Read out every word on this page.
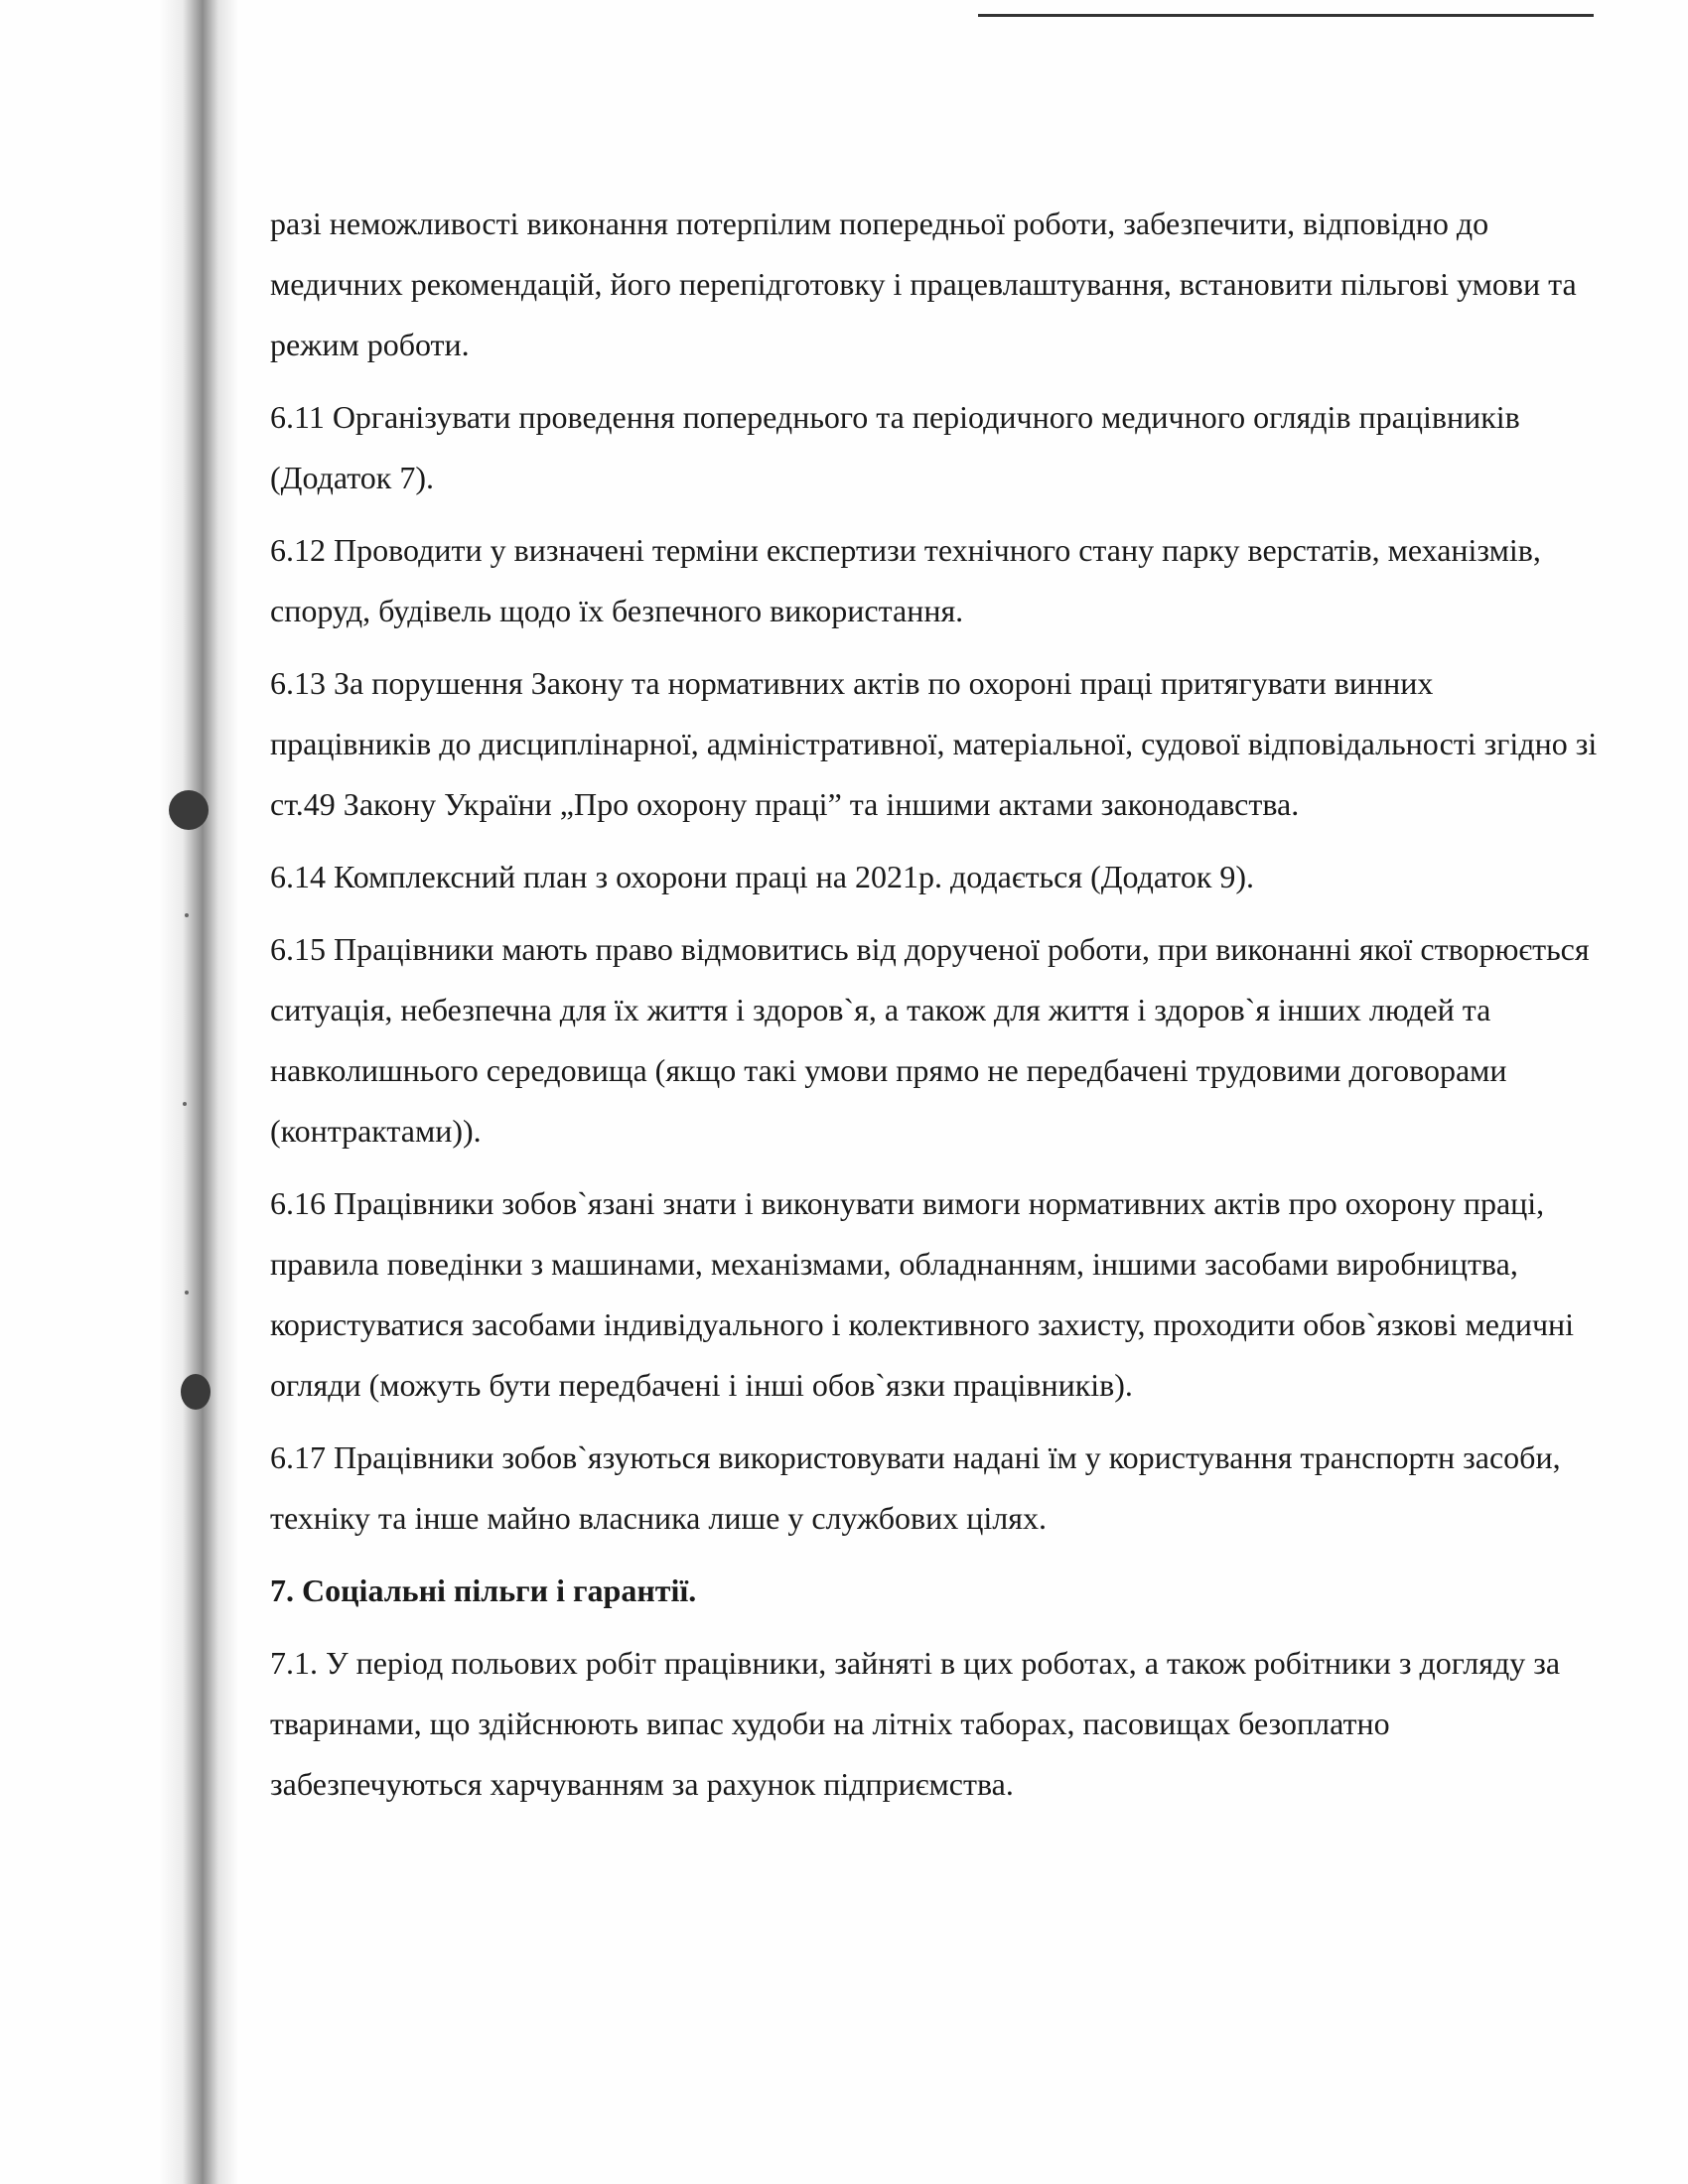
разі неможливості виконання потерпілим попередньої роботи, забезпечити, відповідно до медичних рекомендацій, його перепідготовку і працевлаштування, встановити пільгові умови та режим роботи.

6.11 Організувати проведення попереднього та періодичного медичного оглядів працівників (Додаток 7).

6.12 Проводити у визначені терміни експертизи технічного стану парку верстатів, механізмів, споруд, будівель щодо їх безпечного використання.

6.13 За порушення Закону та нормативних актів по охороні праці притягувати винних працівників до дисциплінарної, адміністративної, матеріальної, судової відповідальності згідно зі ст.49 Закону України „Про охорону праці” та іншими актами законодавства.

6.14 Комплексний план з охорони праці на 2021р. додається (Додаток 9).

6.15 Працівники мають право відмовитись від дорученої роботи, при виконанні якої створюється ситуація, небезпечна для їх життя і здоров`я, а також для життя і здоров`я інших людей та навколишнього середовища (якщо такі умови прямо не передбачені трудовими договорами (контрактами)).

6.16 Працівники зобов`язані знати і виконувати вимоги нормативних актів про охорону праці, правила поведінки з машинами, механізмами, обладнанням, іншими засобами виробництва, користуватися засобами індивідуального і колективного захисту, проходити обов`язкові медичні огляди (можуть бути передбачені і інші обов`язки працівників).

6.17 Працівники зобов`язуються використовувати надані їм у користування транспортн засоби, техніку та інше майно власника лише у службових цілях.

7. Соціальні пільги і гарантії.

7.1. У період польових робіт працівники, зайняті в цих роботах, а також робітники з догляду за тваринами, що здійснюють випас худоби на літніх таборах, пасовищах безоплатно забезпечуються харчуванням за рахунок підприємства.
